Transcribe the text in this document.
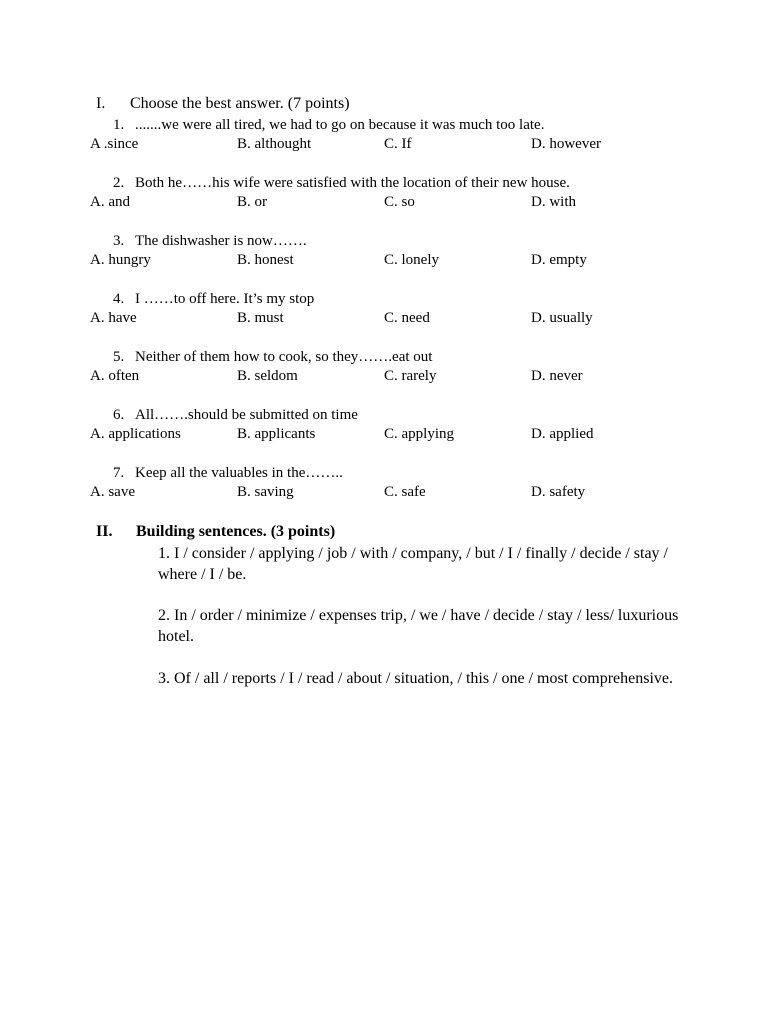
I. Choose the best answer. (7 points)
1. .......we were all tired, we had to go on because it was much too late.
A .since	B. althought	C. If	D. however
2. Both he……his wife were satisfied with the location of their new house.
A. and	B. or	C. so	D. with
3. The dishwasher is now…….
A. hungry	B. honest	C. lonely	D. empty
4. I ……to off here. It’s my stop
A. have	B. must	C. need	D. usually
5. Neither of them how to cook, so they…….eat out
A. often	B. seldom	C. rarely	D. never
6. All…….should be submitted on time
A. applications	B. applicants	C. applying	D. applied
7. Keep all the valuables in the……..
A. save	B. saving	C. safe	D. safety
II. Building sentences. (3 points)
1. I / consider / applying / job / with / company, / but / I / finally / decide / stay / where / I / be.
2. In / order / minimize / expenses trip, / we / have / decide / stay / less/ luxurious hotel.
3. Of / all / reports / I / read / about / situation, / this / one / most comprehensive.
